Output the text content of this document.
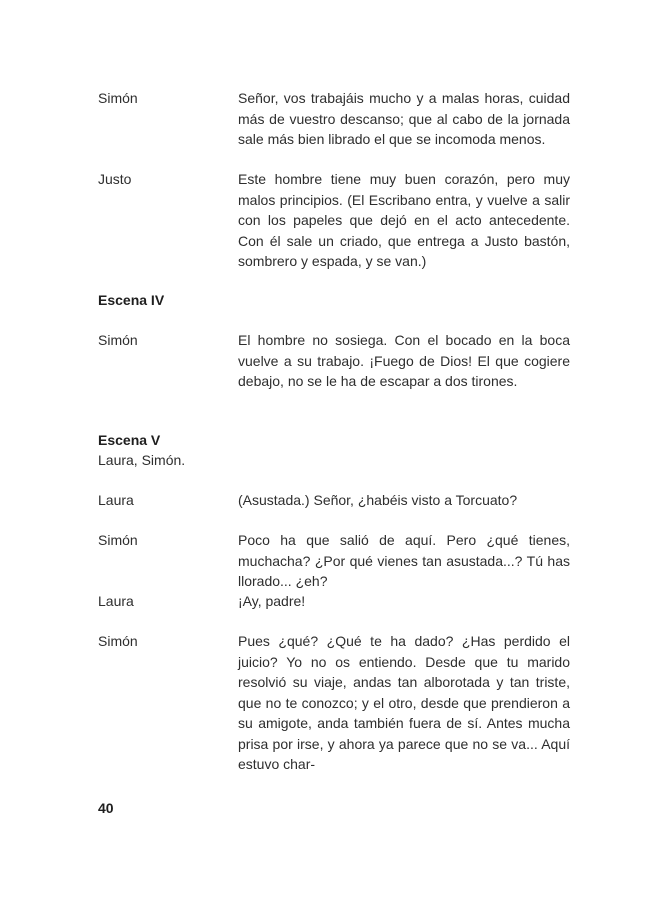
Simón	Señor, vos trabajáis mucho y a malas horas, cuidad más de vuestro descanso; que al cabo de la jornada sale más bien librado el que se incomoda menos.
Justo	Este hombre tiene muy buen corazón, pero muy malos principios. (El Escribano entra, y vuelve a salir con los papeles que dejó en el acto antecedente. Con él sale un criado, que entrega a Justo bastón, sombrero y espada, y se van.)
Escena IV
Simón	El hombre no sosiega. Con el bocado en la boca vuelve a su trabajo. ¡Fuego de Dios! El que cogiere debajo, no se le ha de escapar a dos tirones.
Escena V
Laura, Simón.
Laura	(Asustada.) Señor, ¿habéis visto a Torcuato?
Simón	Poco ha que salió de aquí. Pero ¿qué tienes, muchacha? ¿Por qué vienes tan asustada...? Tú has llorado... ¿eh?
Laura	¡Ay, padre!
Simón	Pues ¿qué? ¿Qué te ha dado? ¿Has perdido el juicio? Yo no os entiendo. Desde que tu marido resolvió su viaje, andas tan alborotada y tan triste, que no te conozco; y el otro, desde que prendieron a su amigote, anda también fuera de sí. Antes mucha prisa por irse, y ahora ya parece que no se va... Aquí estuvo char-
40
